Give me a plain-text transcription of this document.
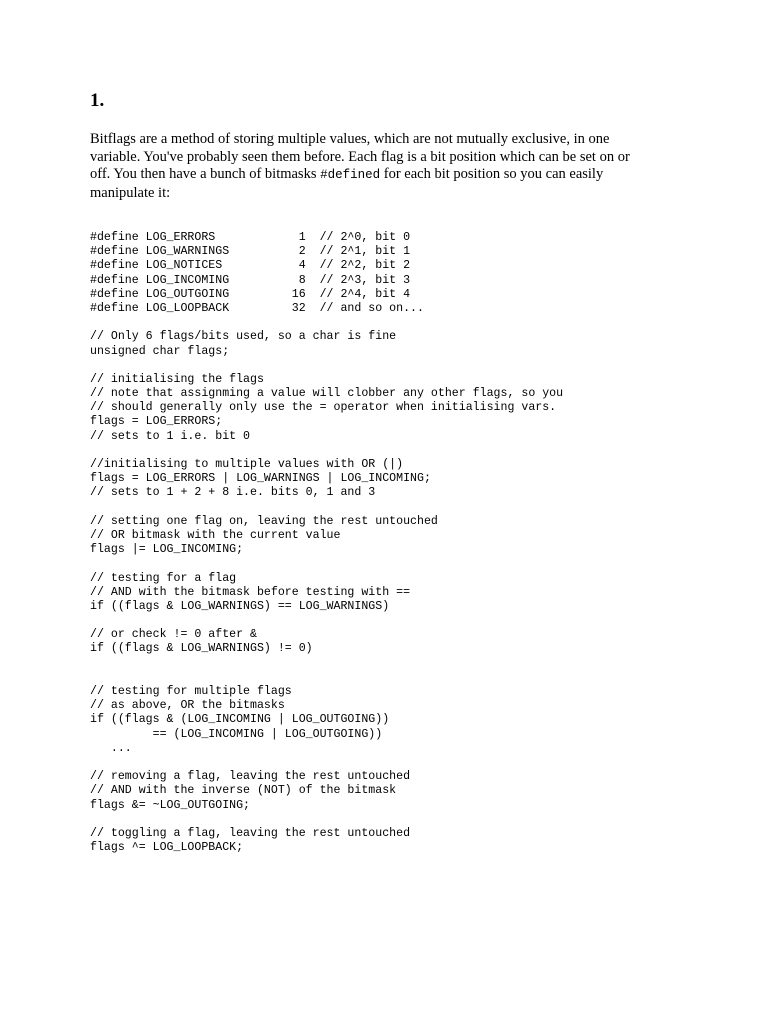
1.

Bitflags are a method of storing multiple values, which are not mutually exclusive, in one variable. You've probably seen them before. Each flag is a bit position which can be set on or off. You then have a bunch of bitmasks #defined for each bit position so you can easily manipulate it:

#define LOG_ERRORS            1  // 2^0, bit 0
#define LOG_WARNINGS          2  // 2^1, bit 1
#define LOG_NOTICES           4  // 2^2, bit 2
#define LOG_INCOMING          8  // 2^3, bit 3
#define LOG_OUTGOING         16  // 2^4, bit 4
#define LOG_LOOPBACK         32  // and so on...
// Only 6 flags/bits used, so a char is fine
unsigned char flags;
// initialising the flags
// note that assignming a value will clobber any other flags, so you
// should generally only use the = operator when initialising vars.
flags = LOG_ERRORS;
// sets to 1 i.e. bit 0
//initialising to multiple values with OR (|)
flags = LOG_ERRORS | LOG_WARNINGS | LOG_INCOMING;
// sets to 1 + 2 + 8 i.e. bits 0, 1 and 3
// setting one flag on, leaving the rest untouched
// OR bitmask with the current value
flags |= LOG_INCOMING;
// testing for a flag
// AND with the bitmask before testing with ==
if ((flags & LOG_WARNINGS) == LOG_WARNINGS)
// or check != 0 after &
if ((flags & LOG_WARNINGS) != 0)
// testing for multiple flags
// as above, OR the bitmasks
if ((flags & (LOG_INCOMING | LOG_OUTGOING))
== (LOG_INCOMING | LOG_OUTGOING))
...
// removing a flag, leaving the rest untouched
// AND with the inverse (NOT) of the bitmask
flags &= ~LOG_OUTGOING;
// toggling a flag, leaving the rest untouched
flags ^= LOG_LOOPBACK;
